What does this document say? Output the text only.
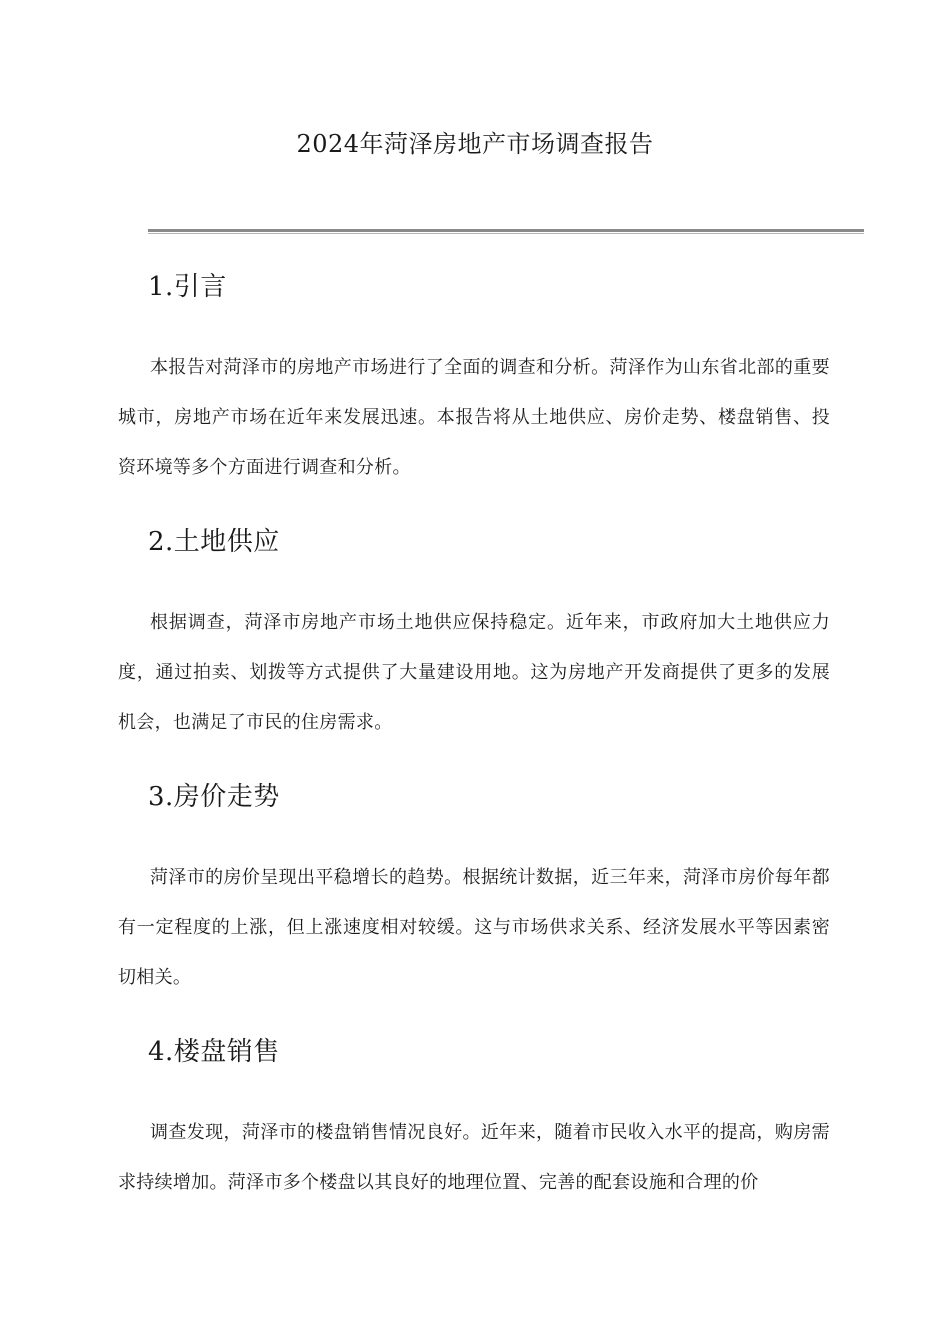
2024年菏泽房地产市场调查报告
1.引言
本报告对菏泽市的房地产市场进行了全面的调查和分析。菏泽作为山东省北部的重要城市，房地产市场在近年来发展迅速。本报告将从土地供应、房价走势、楼盘销售、投资环境等多个方面进行调查和分析。
2.土地供应
根据调查，菏泽市房地产市场土地供应保持稳定。近年来，市政府加大土地供应力度，通过拍卖、划拨等方式提供了大量建设用地。这为房地产开发商提供了更多的发展机会，也满足了市民的住房需求。
3.房价走势
菏泽市的房价呈现出平稳增长的趋势。根据统计数据，近三年来，菏泽市房价每年都有一定程度的上涨，但上涨速度相对较缓。这与市场供求关系、经济发展水平等因素密切相关。
4.楼盘销售
调查发现，菏泽市的楼盘销售情况良好。近年来，随着市民收入水平的提高，购房需求持续增加。菏泽市多个楼盘以其良好的地理位置、完善的配套设施和合理的价
